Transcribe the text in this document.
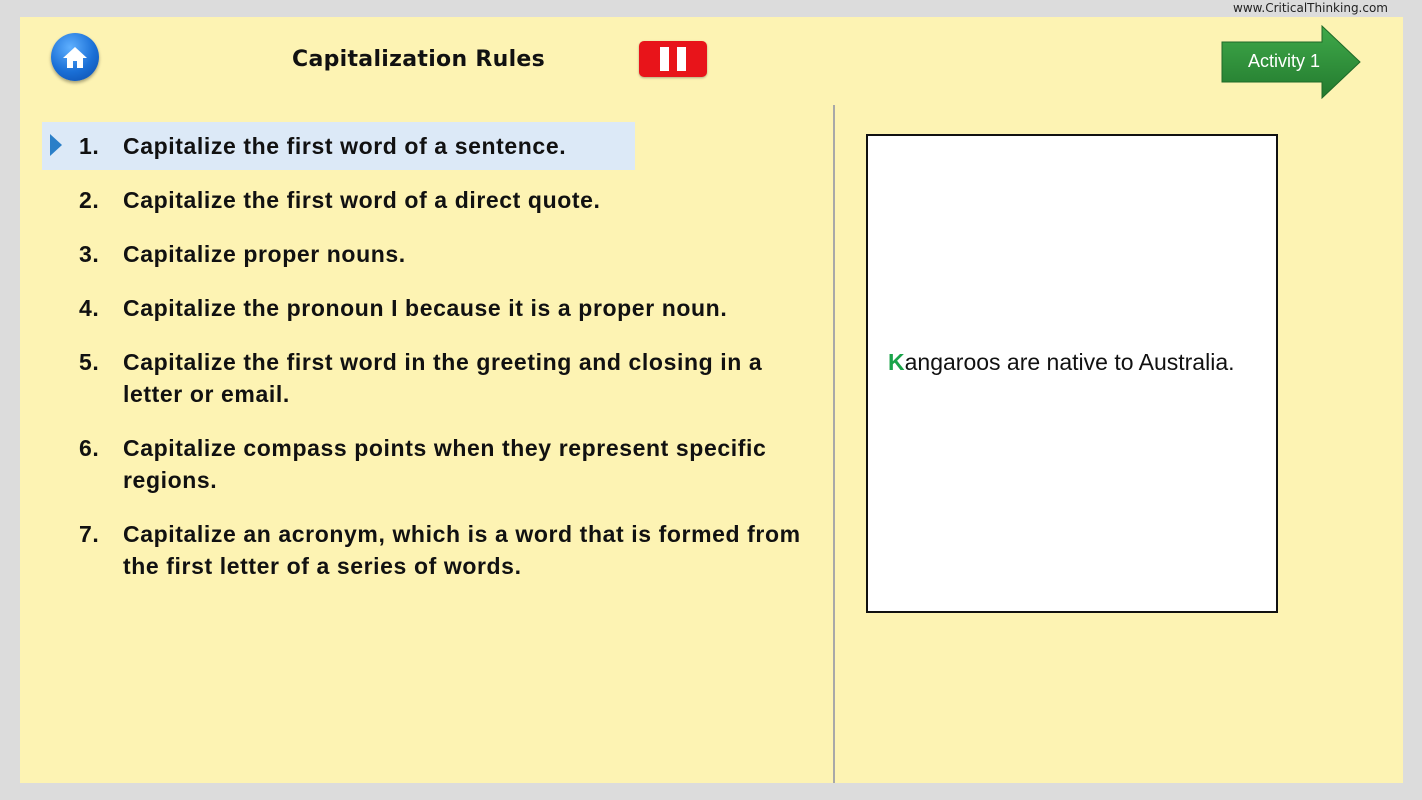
www.CriticalThinking.com
Capitalization Rules	Activity 1
1. Capitalize the first word of a sentence.
2. Capitalize the first word of a direct quote.
3. Capitalize proper nouns.
4. Capitalize the pronoun I because it is a proper noun.
5. Capitalize the first word in the greeting and closing in a letter or email.
6. Capitalize compass points when they represent specific regions.
7. Capitalize an acronym, which is a word that is formed from the first letter of a series of words.
Kangaroos are native to Australia.
